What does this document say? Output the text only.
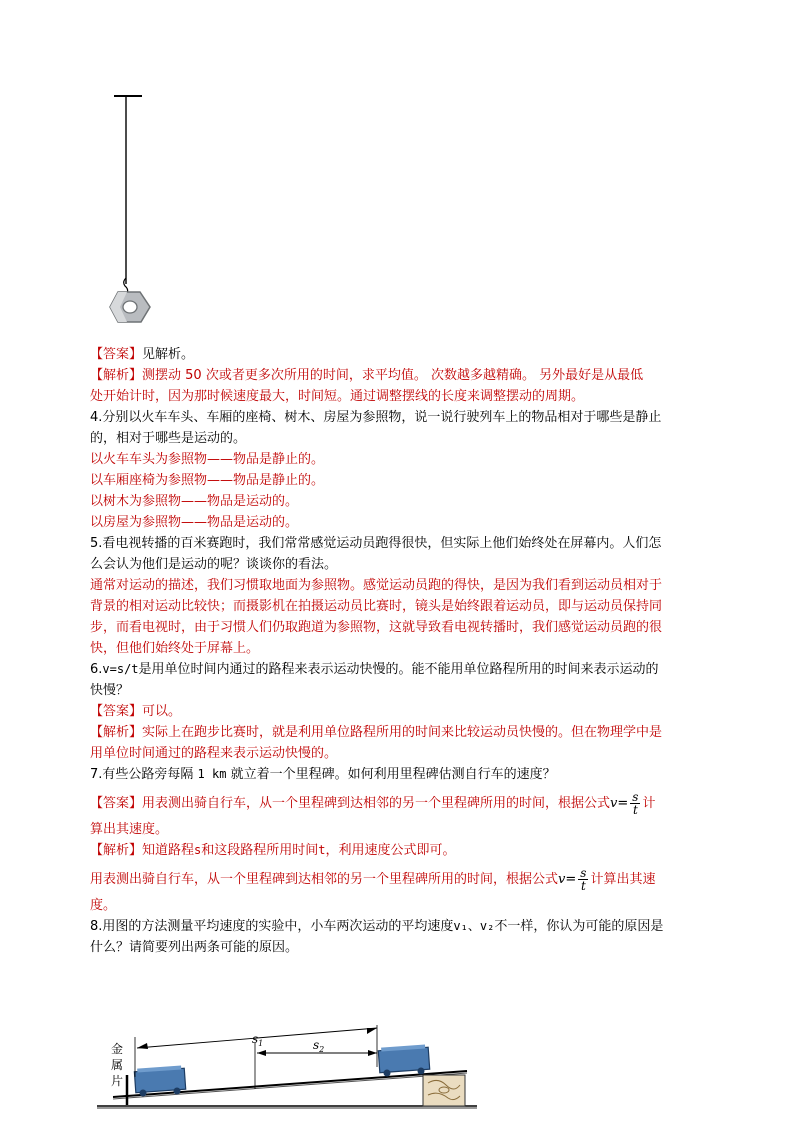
【答案】见解析。

【解析】测摆动 50 次或者更多次所用的时间，求平均值。 次数越多越精确。 另外最好是从最低

处开始计时，因为那时候速度最大，时间短。通过调整摆线的长度来调整摆动的周期。

4.分别以火车车头、车厢的座椅、树木、房屋为参照物，说一说行驶列车上的物品相对于哪些是静止

的，相对于哪些是运动的。

以火车车头为参照物——物品是静止的。

以车厢座椅为参照物——物品是静止的。

以树木为参照物——物品是运动的。

以房屋为参照物——物品是运动的。

5.看电视转播的百米赛跑时，我们常常感觉运动员跑得很快，但实际上他们始终处在屏幕内。人们怎

么会认为他们是运动的呢？谈谈你的看法。

通常对运动的描述，我们习惯取地面为参照物。感觉运动员跑的得快，是因为我们看到运动员相对于

背景的相对运动比较快；而摄影机在拍摄运动员比赛时，镜头是始终跟着运动员，即与运动员保持同

步，而看电视时，由于习惯人们仍取跑道为参照物，这就导致看电视转播时，我们感觉运动员跑的很

快，但他们始终处于屏幕上。

6.v=s/t是用单位时间内通过的路程来表示运动快慢的。能不能用单位路程所用的时间来表示运动的

快慢？

【答案】可以。

【解析】实际上在跑步比赛时，就是利用单位路程所用的时间来比较运动员快慢的。但在物理学中是

用单位时间通过的路程来表示运动快慢的。

7.有些公路旁每隔 1 km 就立着一个里程碑。如何利用里程碑估测自行车的速度？

【答案】用表测出骑自行车，从一个里程碑到达相邻的另一个里程碑所用的时间，根据公式$v= \frac{s}{t}$ 计

算出其速度。

【解析】知道路程s和这段路程所用时间t，利用速度公式即可。

用表测出骑自行车，从一个里程碑到达相邻的另一个里程碑所用的时间，根据公式$v= \frac{s}{t}$ 计算出其速

度。

8.用图的方法测量平均速度的实验中，小车两次运动的平均速度v₁、v₂不一样，你认为可能的原因是

什么？请简要列出两条可能的原因。

$s_1$	$s_2$
金
属
片
